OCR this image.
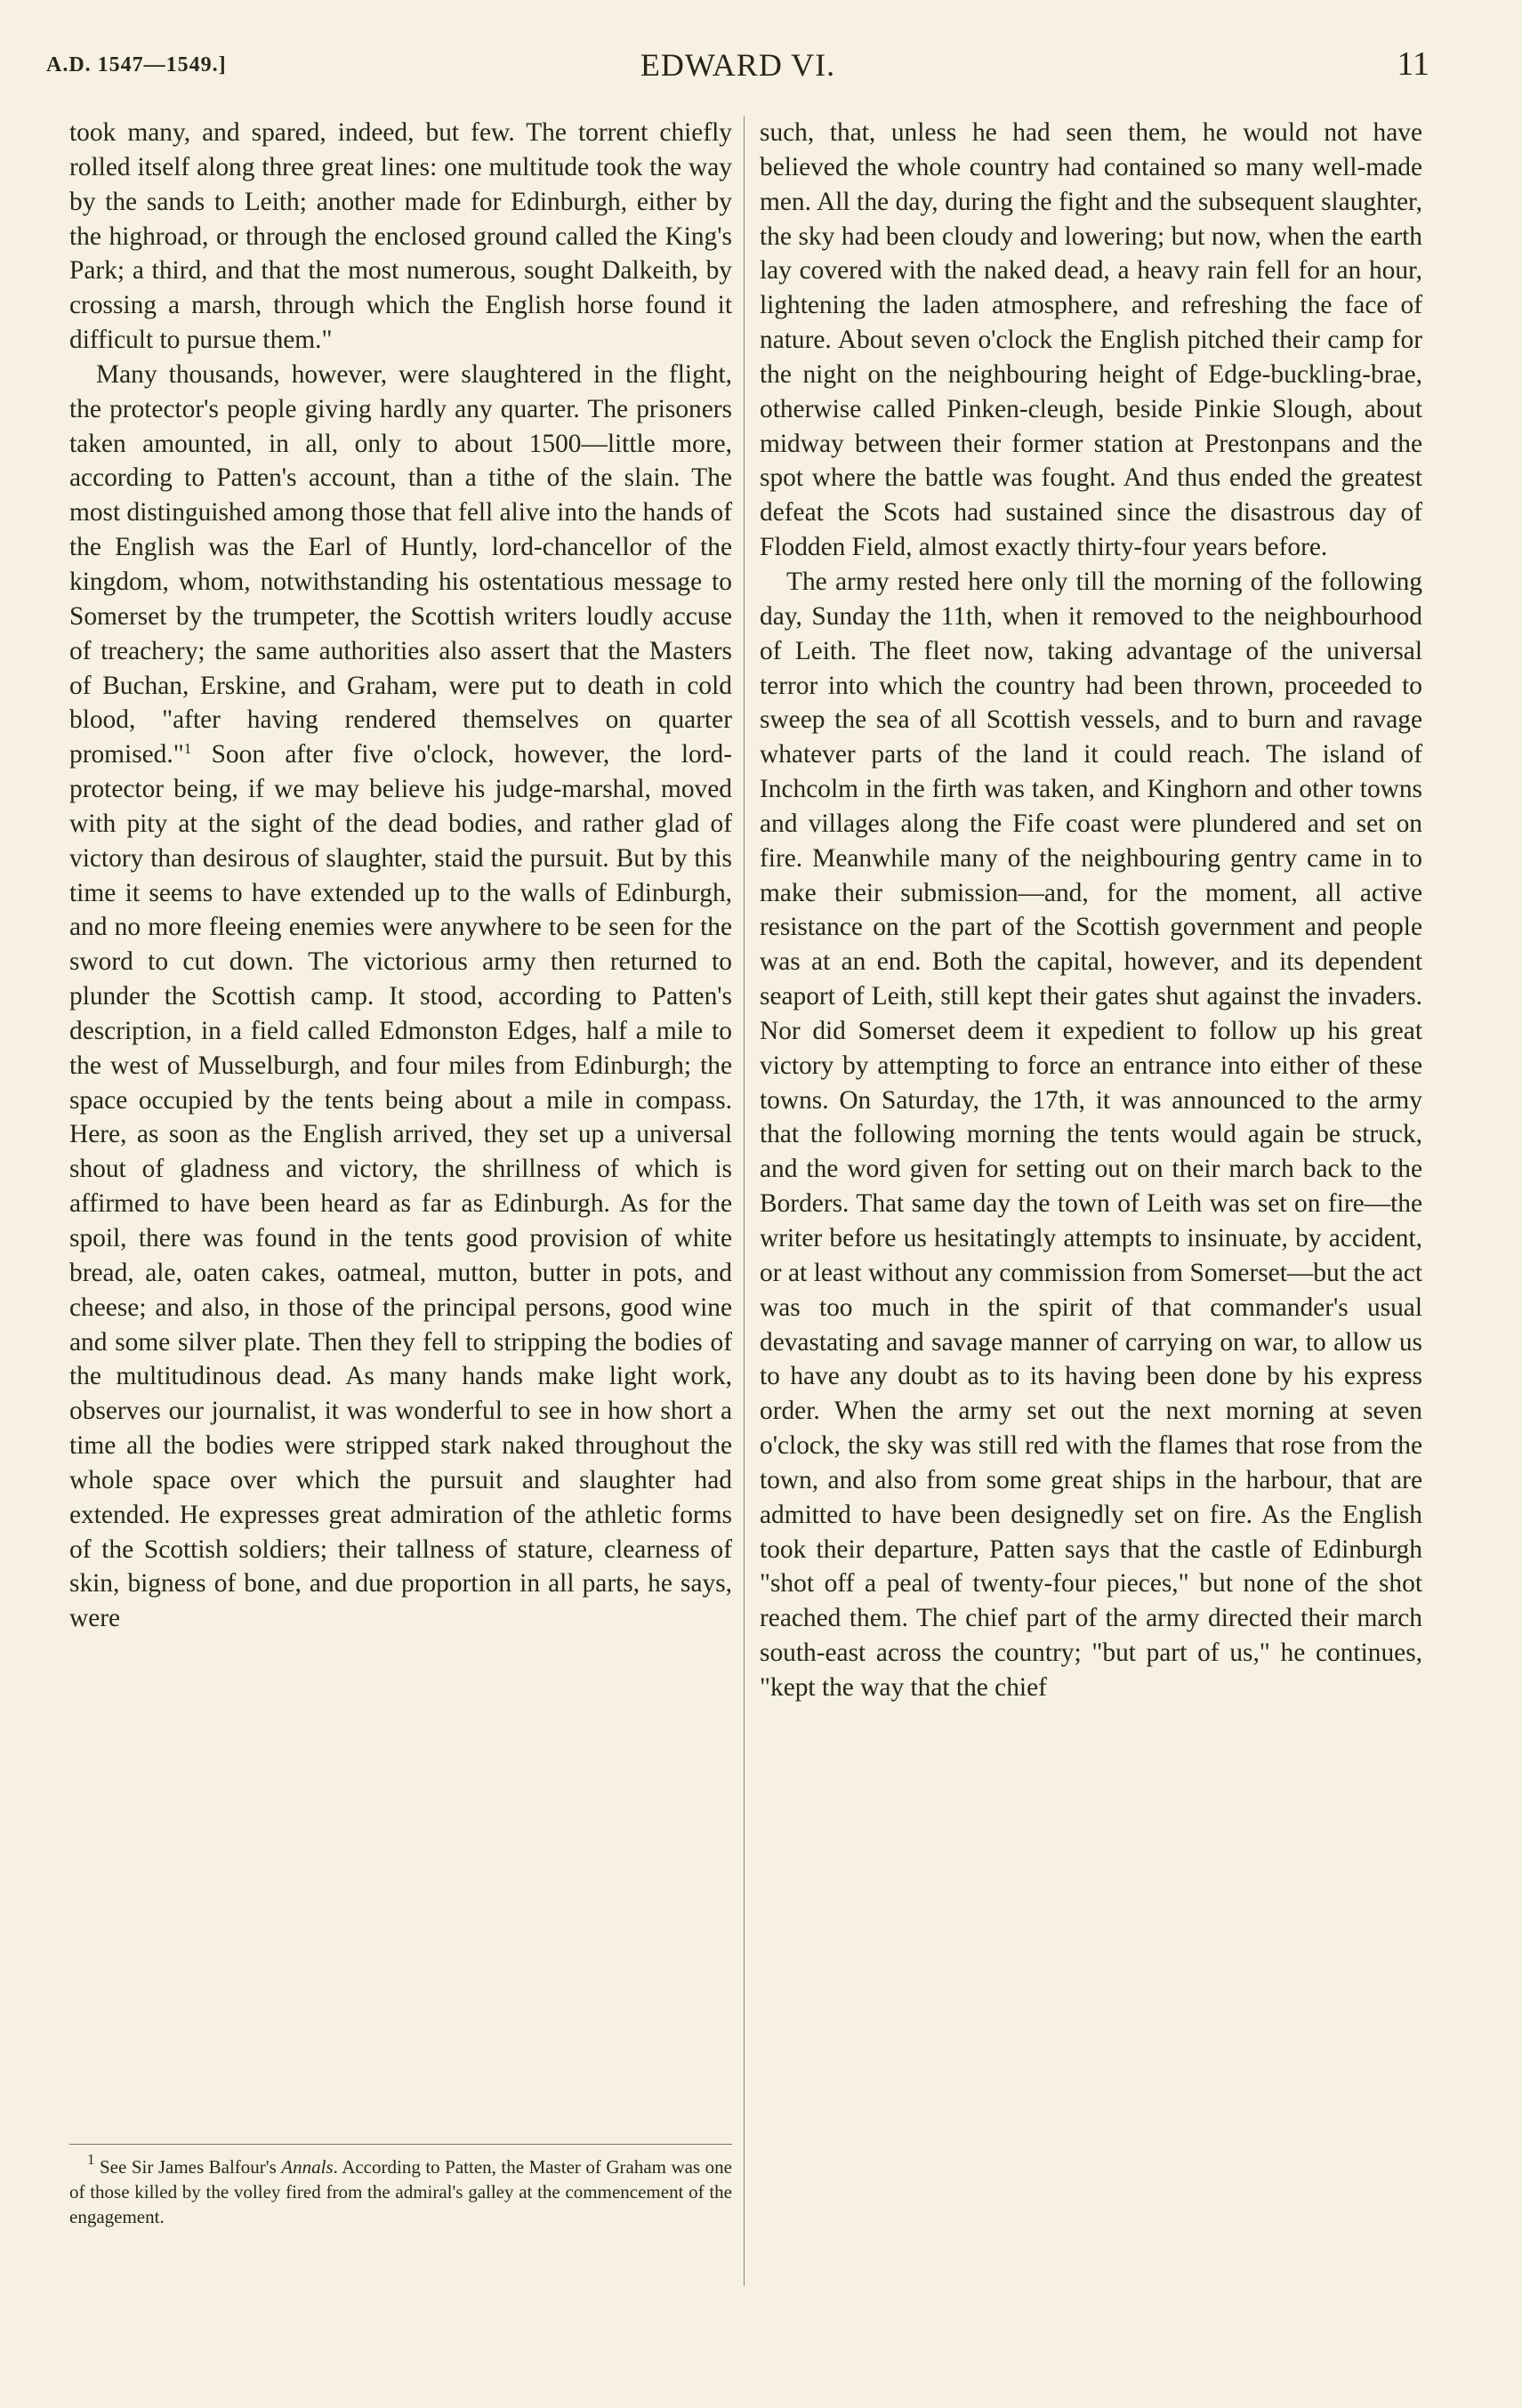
A.D. 1547—1549.]	EDWARD VI.	11

took many, and spared, indeed, but few. The torrent chiefly rolled itself along three great lines: one multitude took the way by the sands to Leith; another made for Edinburgh, either by the highroad, or through the enclosed ground called the King's Park; a third, and that the most numerous, sought Dalkeith, by crossing a marsh, through which the English horse found it difficult to pursue them."

Many thousands, however, were slaughtered in the flight, the protector's people giving hardly any quarter. The prisoners taken amounted, in all, only to about 1500—little more, according to Patten's account, than a tithe of the slain. The most distinguished among those that fell alive into the hands of the English was the Earl of Huntly, lord-chancellor of the kingdom, whom, notwithstanding his ostentatious message to Somerset by the trumpeter, the Scottish writers loudly accuse of treachery; the same authorities also assert that the Masters of Buchan, Erskine, and Graham, were put to death in cold blood, "after having rendered themselves on quarter promised."$^1$ Soon after five o'clock, however, the lord-protector being, if we may believe his judge-marshal, moved with pity at the sight of the dead bodies, and rather glad of victory than desirous of slaughter, staid the pursuit. But by this time it seems to have extended up to the walls of Edinburgh, and no more fleeing enemies were anywhere to be seen for the sword to cut down. The victorious army then returned to plunder the Scottish camp. It stood, according to Patten's description, in a field called Edmonston Edges, half a mile to the west of Musselburgh, and four miles from Edinburgh; the space occupied by the tents being about a mile in compass. Here, as soon as the English arrived, they set up a universal shout of gladness and victory, the shrillness of which is affirmed to have been heard as far as Edinburgh. As for the spoil, there was found in the tents good provision of white bread, ale, oaten cakes, oatmeal, mutton, butter in pots, and cheese; and also, in those of the principal persons, good wine and some silver plate. Then they fell to stripping the bodies of the multitudinous dead. As many hands make light work, observes our journalist, it was wonderful to see in how short a time all the bodies were stripped stark naked throughout the whole space over which the pursuit and slaughter had extended. He expresses great admiration of the athletic forms of the Scottish soldiers; their tallness of stature, clearness of skin, bigness of bone, and due proportion in all parts, he says, were

such, that, unless he had seen them, he would not have believed the whole country had contained so many well-made men. All the day, during the fight and the subsequent slaughter, the sky had been cloudy and lowering; but now, when the earth lay covered with the naked dead, a heavy rain fell for an hour, lightening the laden atmosphere, and refreshing the face of nature. About seven o'clock the English pitched their camp for the night on the neighbouring height of Edge-buckling-brae, otherwise called Pinken-cleugh, beside Pinkie Slough, about midway between their former station at Prestonpans and the spot where the battle was fought. And thus ended the greatest defeat the Scots had sustained since the disastrous day of Flodden Field, almost exactly thirty-four years before.

The army rested here only till the morning of the following day, Sunday the 11th, when it removed to the neighbourhood of Leith. The fleet now, taking advantage of the universal terror into which the country had been thrown, proceeded to sweep the sea of all Scottish vessels, and to burn and ravage whatever parts of the land it could reach. The island of Inchcolm in the firth was taken, and Kinghorn and other towns and villages along the Fife coast were plundered and set on fire. Meanwhile many of the neighbouring gentry came in to make their submission—and, for the moment, all active resistance on the part of the Scottish government and people was at an end. Both the capital, however, and its dependent seaport of Leith, still kept their gates shut against the invaders. Nor did Somerset deem it expedient to follow up his great victory by attempting to force an entrance into either of these towns. On Saturday, the 17th, it was announced to the army that the following morning the tents would again be struck, and the word given for setting out on their march back to the Borders. That same day the town of Leith was set on fire—the writer before us hesitatingly attempts to insinuate, by accident, or at least without any commission from Somerset—but the act was too much in the spirit of that commander's usual devastating and savage manner of carrying on war, to allow us to have any doubt as to its having been done by his express order. When the army set out the next morning at seven o'clock, the sky was still red with the flames that rose from the town, and also from some great ships in the harbour, that are admitted to have been designedly set on fire. As the English took their departure, Patten says that the castle of Edinburgh "shot off a peal of twenty-four pieces," but none of the shot reached them. The chief part of the army directed their march south-east across the country; "but part of us," he continues, "kept the way that the chief

$^1$ See Sir James Balfour's Annals. According to Patten, the Master of Graham was one of those killed by the volley fired from the admiral's galley at the commencement of the engagement.
